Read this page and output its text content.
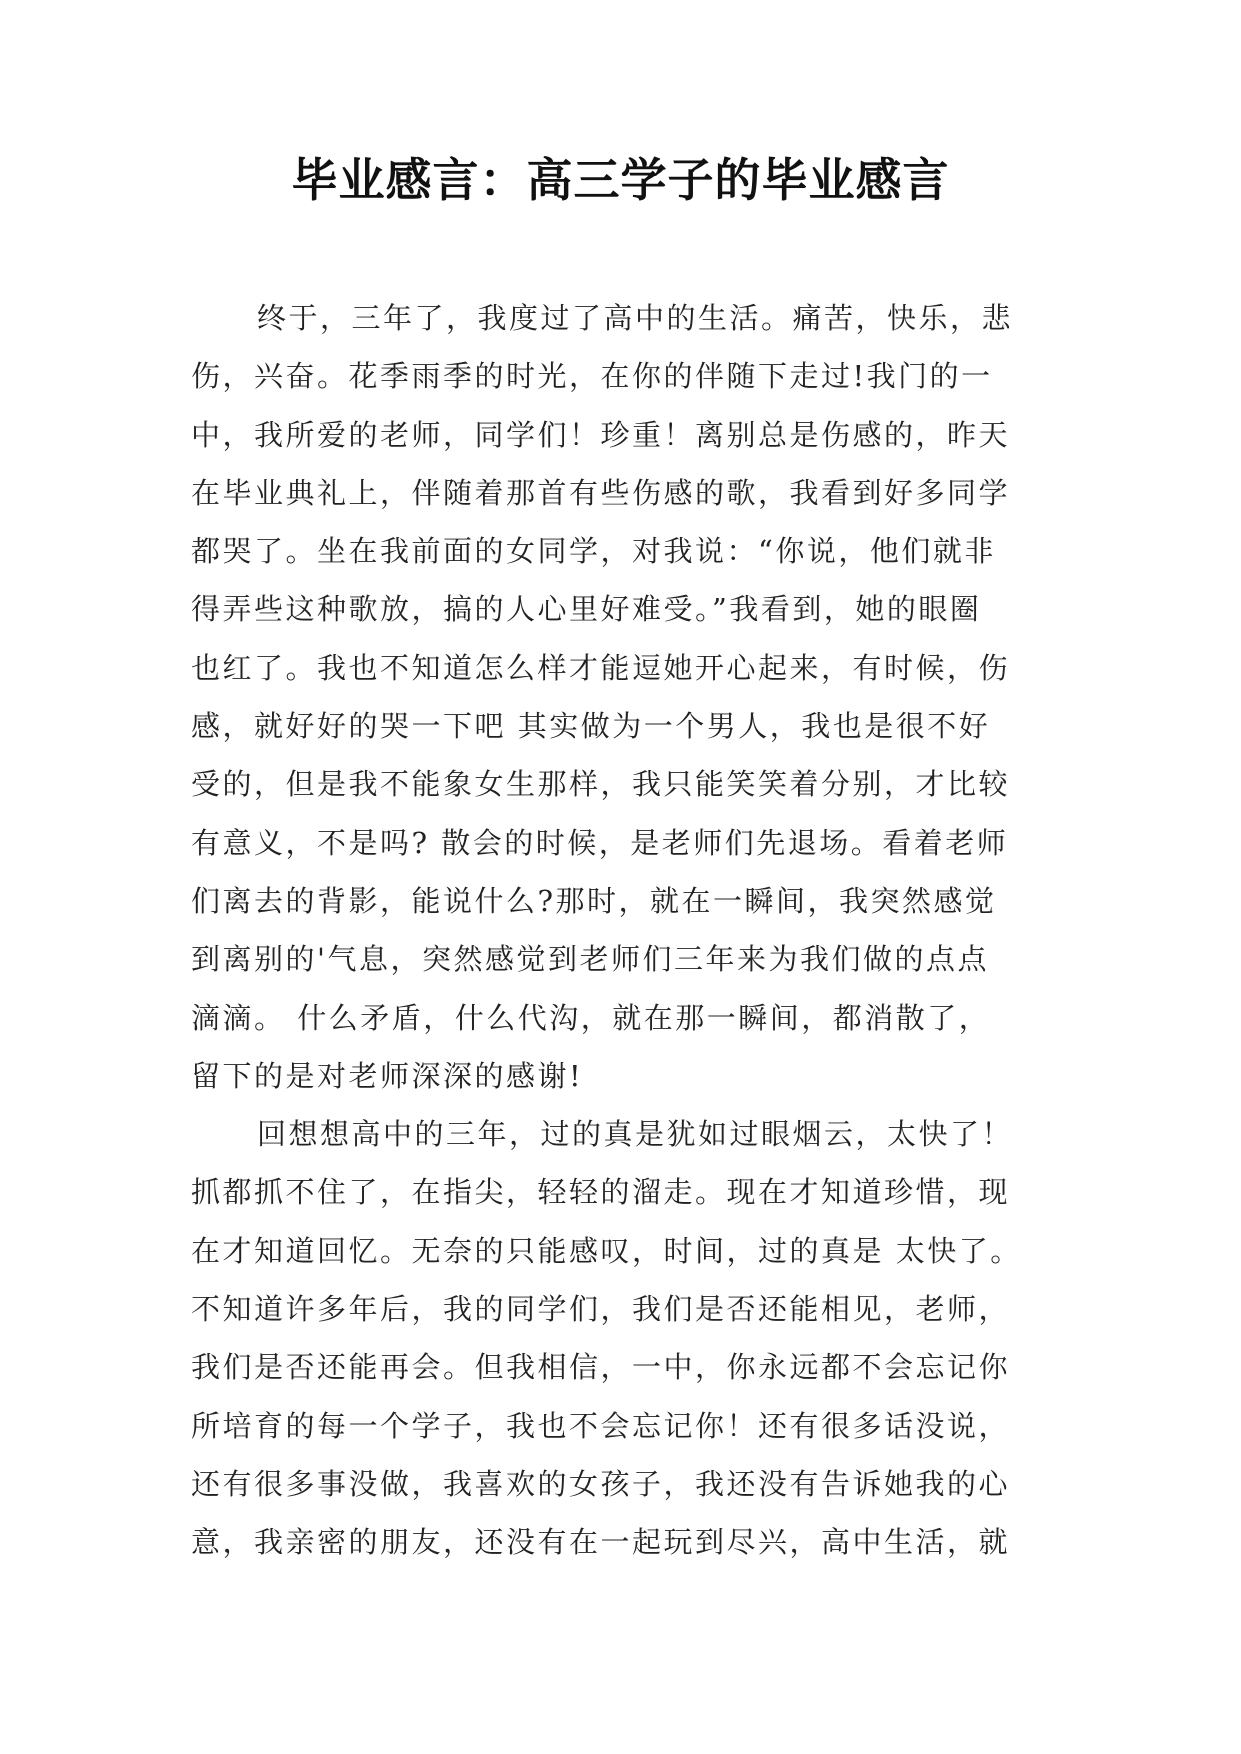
毕业感言：高三学子的毕业感言
终于，三年了，我度过了高中的生活。痛苦，快乐，悲
伤，兴奋。花季雨季的时光，在你的伴随下走过!我门的一
中，我所爱的老师，同学们！珍重！离别总是伤感的，昨天
在毕业典礼上，伴随着那首有些伤感的歌，我看到好多同学
都哭了。坐在我前面的女同学，对我说：“你说，他们就非
得弄些这种歌放，搞的人心里好难受。”我看到，她的眼圈
也红了。我也不知道怎么样才能逗她开心起来，有时候，伤
感，就好好的哭一下吧 其实做为一个男人，我也是很不好
受的，但是我不能象女生那样，我只能笑笑着分别，才比较
有意义，不是吗? 散会的时候，是老师们先退场。看着老师
们离去的背影，能说什么?那时，就在一瞬间，我突然感觉
到离别的'气息，突然感觉到老师们三年来为我们做的点点
滴滴。 什么矛盾，什么代沟，就在那一瞬间，都消散了，
留下的是对老师深深的感谢!
回想想高中的三年，过的真是犹如过眼烟云，太快了！
抓都抓不住了，在指尖，轻轻的溜走。现在才知道珍惜，现
在才知道回忆。无奈的只能感叹，时间，过的真是 太快了。
不知道许多年后，我的同学们，我们是否还能相见，老师，
我们是否还能再会。但我相信，一中，你永远都不会忘记你
所培育的每一个学子，我也不会忘记你！还有很多话没说，
还有很多事没做，我喜欢的女孩子，我还没有告诉她我的心
意，我亲密的朋友，还没有在一起玩到尽兴，高中生活，就
